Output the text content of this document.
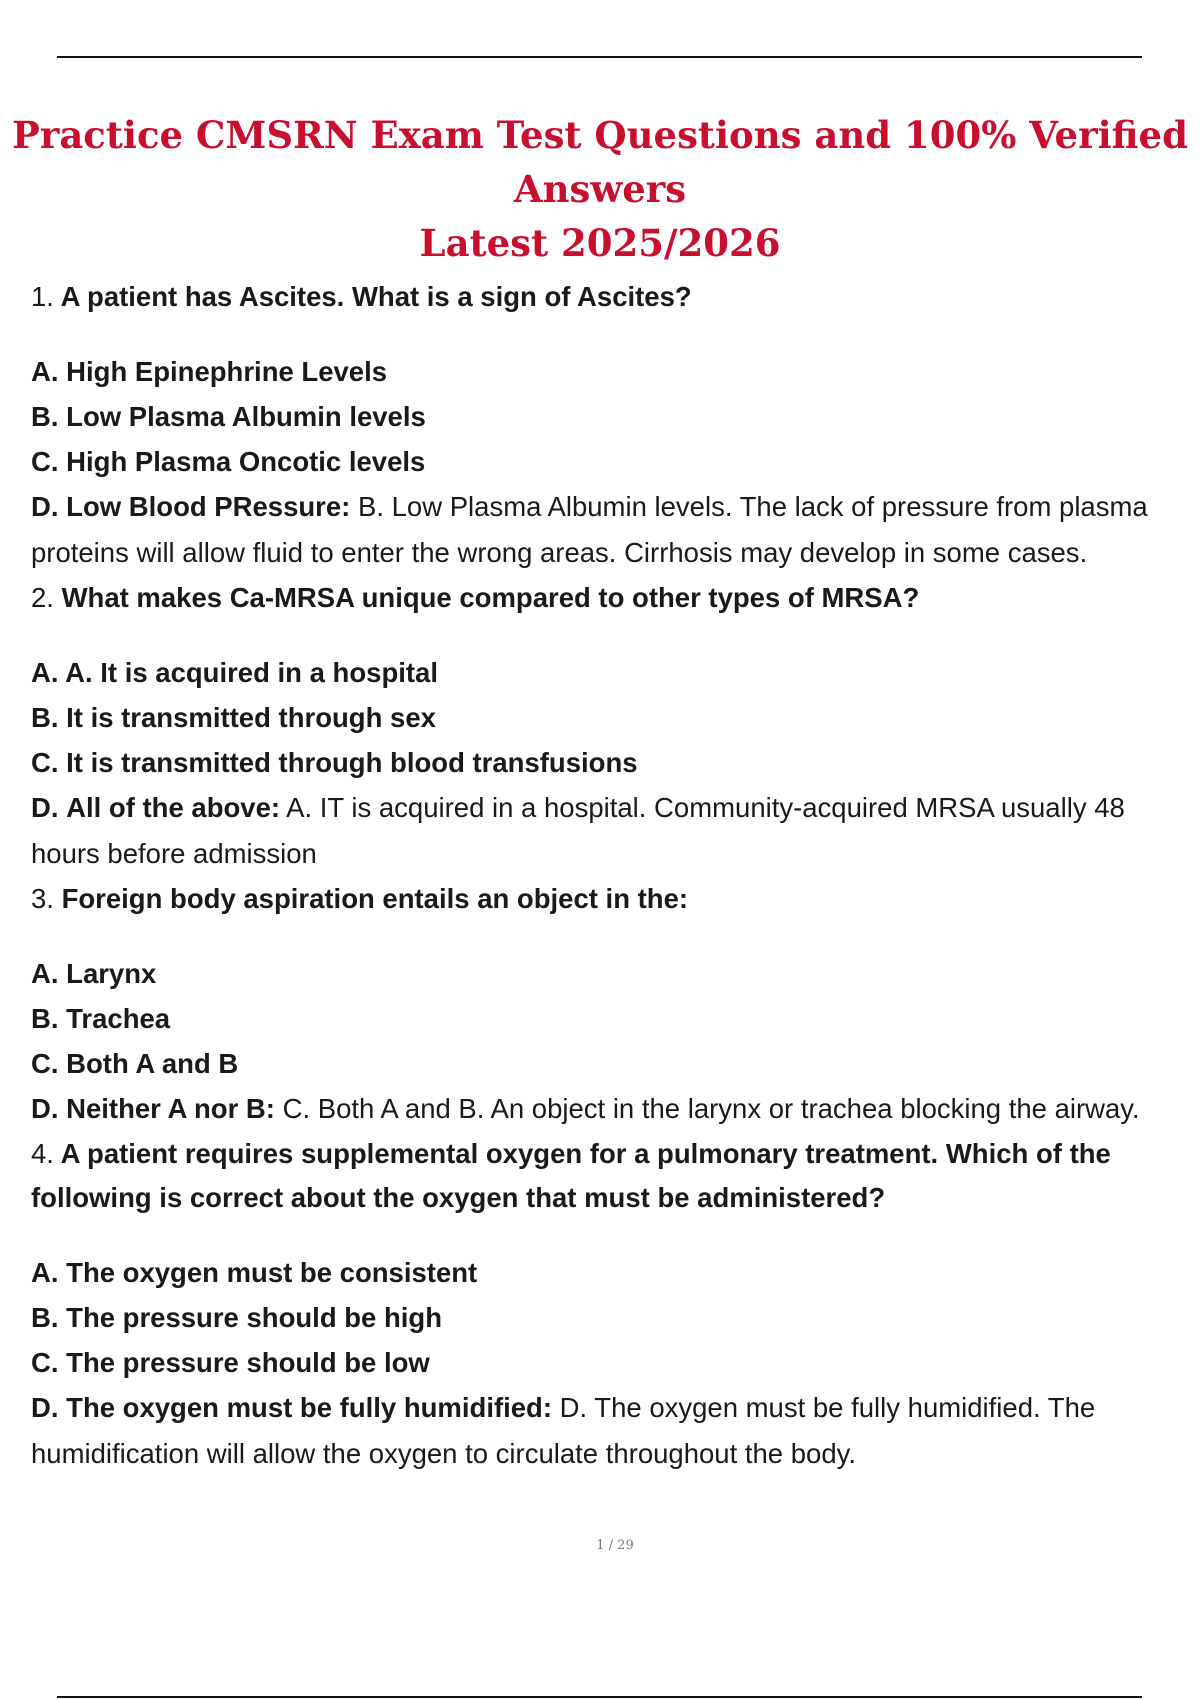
Practice CMSRN Exam Test Questions and 100% Verified Answers
Latest 2025/2026
1. A patient has Ascites. What is a sign of Ascites?
A. High Epinephrine Levels
B. Low Plasma Albumin levels
C. High Plasma Oncotic levels
D. Low Blood PRessure: B. Low Plasma Albumin levels. The lack of pressure from plasma proteins will allow fluid to enter the wrong areas. Cirrhosis may develop in some cases.
2. What makes Ca-MRSA unique compared to other types of MRSA?
A. A. It is acquired in a hospital
B. It is transmitted through sex
C. It is transmitted through blood transfusions
D. All of the above: A. IT is acquired in a hospital. Community-acquired MRSA usually 48 hours before admission
3. Foreign body aspiration entails an object in the:
A. Larynx
B. Trachea
C. Both A and B
D. Neither A nor B: C. Both A and B. An object in the larynx or trachea blocking the airway.
4. A patient requires supplemental oxygen for a pulmonary treatment. Which of the following is correct about the oxygen that must be administered?
A. The oxygen must be consistent
B. The pressure should be high
C. The pressure should be low
D. The oxygen must be fully humidified: D. The oxygen must be fully humidified. The humidification will allow the oxygen to circulate throughout the body.
1 / 29
